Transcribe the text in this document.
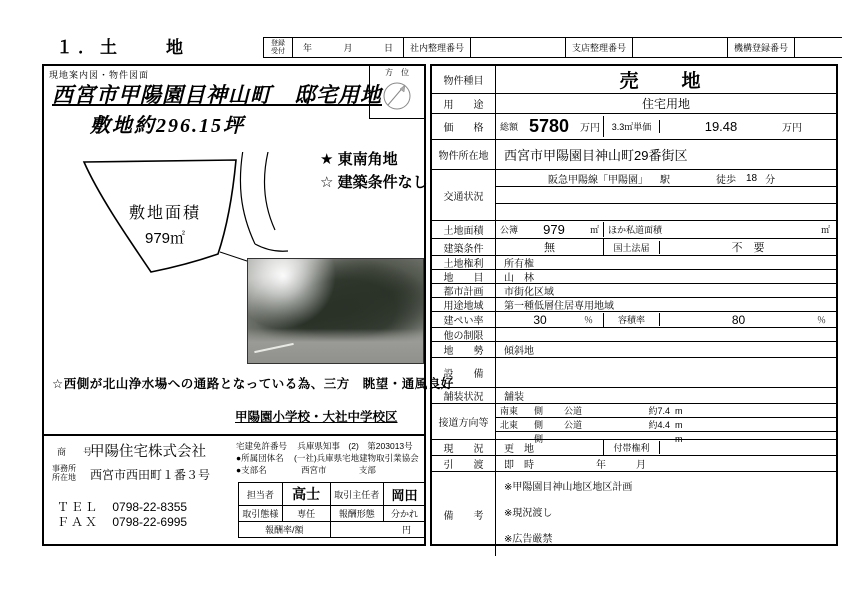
１．土　　地	登録
受付 年	月	日	社内整理番号	支店整理番号	機構登録番号
現地案内図・物件図面	方位
西宮市甲陽園目神山町　邸宅用地
敷地約296.15坪
敷地面積
979㎡
★ 東南角地
☆ 建築条件なし
☆西側が北山浄水場への通路となっている為、三方　眺望・通風良好
甲陽園小学校・大社中学校区
商　号
甲陽住宅株式会社
事務所
所在地 西宮市西田町１番３号
ＴＥＬ 0798-22-8355
ＦＡＸ 0798-22-6995
宅建免許番号 兵庫県知事　(2)　第203013号
●所属団体名 (一社)兵庫県宅地建物取引業協会
●支部名	西宮市	支部
担当者	高士	取引主任者	岡田
取引態様	専任	報酬形態	分かれ
報酬率/額		円	
物件種目	売　地
用　　途	住宅用地
価　　格	総額 5780	万円	3.3㎡単価	19.48	万円
物件所在地	西宮市甲陽園目神山町29番街区
交通状況
阪急甲陽線「甲陽園」 駅	徒歩 18 分
土地面積	公簿	979	㎡ ほか私道面積	㎡
建築条件	無	国土法届	不　要
土地権利	所有権
地　　目	山　林
都市計画	市街化区域
用途地域	第一種低層住居専用地域
建ぺい率	30	％	容積率	80	％
他の制限
地　　勢	傾斜地
設　　備
舗装状況	舗装
接道方向等
南東	側	公道	約7.4 m
北東	側	公道	約4.4 m
側	m
現　　況	更　地	付帯権利
引　　渡	即　時	年　　　月
備　　考
※甲陽園目神山地区地区計画
※現況渡し
※広告厳禁
